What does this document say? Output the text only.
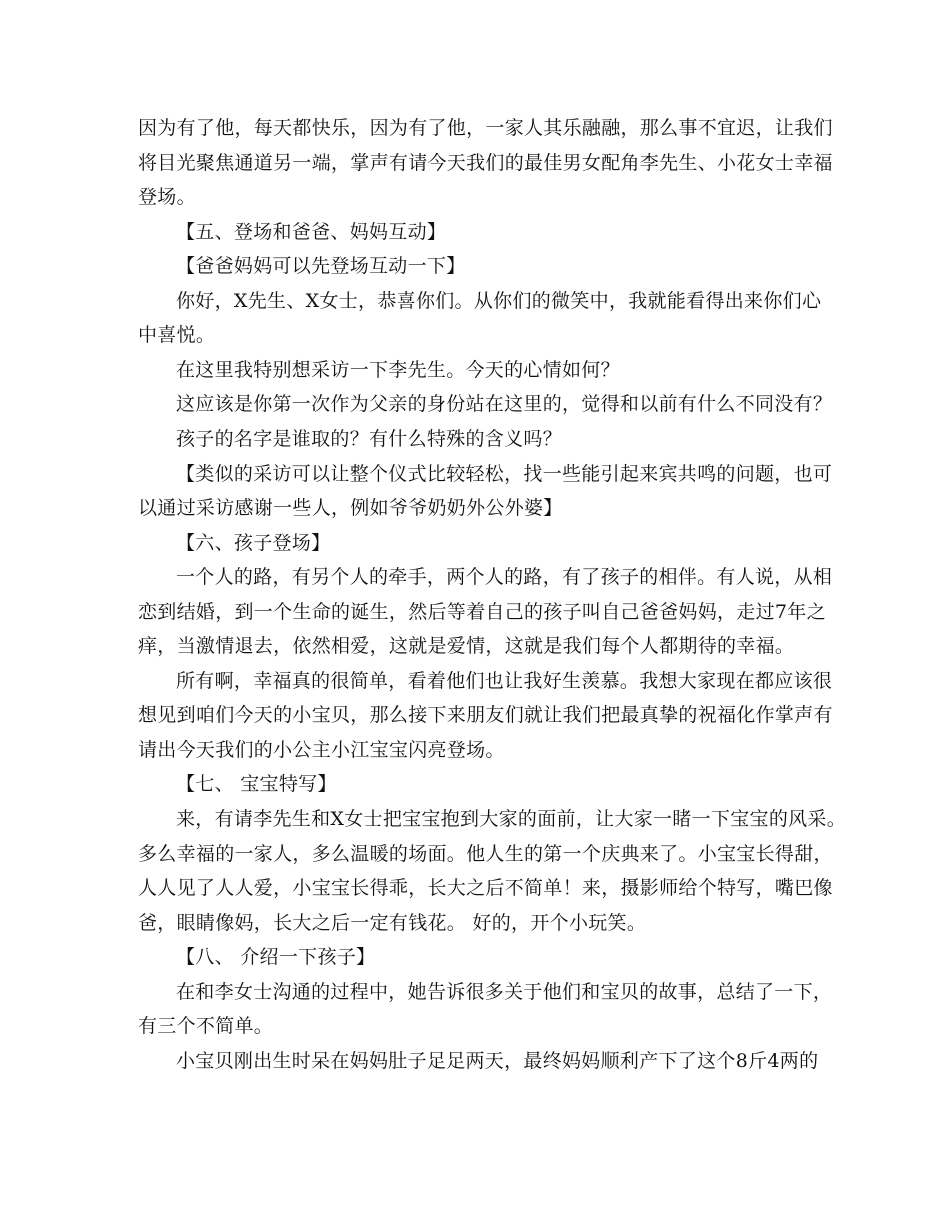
因为有了他，每天都快乐，因为有了他，一家人其乐融融，那么事不宜迟，让我们
将目光聚焦通道另一端，掌声有请今天我们的最佳男女配角李先生、小花女士幸福
登场。
【五、登场和爸爸、妈妈互动】
【爸爸妈妈可以先登场互动一下】
你好，X先生、X女士，恭喜你们。从你们的微笑中，我就能看得出来你们心
中喜悦。
在这里我特别想采访一下李先生。今天的心情如何？
这应该是你第一次作为父亲的身份站在这里的，觉得和以前有什么不同没有？
孩子的名字是谁取的？有什么特殊的含义吗？
【类似的采访可以让整个仪式比较轻松，找一些能引起来宾共鸣的问题，也可
以通过采访感谢一些人，例如爷爷奶奶外公外婆】
【六、孩子登场】
一个人的路，有另个人的牵手，两个人的路，有了孩子的相伴。有人说，从相
恋到结婚，到一个生命的诞生，然后等着自己的孩子叫自己爸爸妈妈，走过7年之
痒，当激情退去，依然相爱，这就是爱情，这就是我们每个人都期待的幸福。
所有啊，幸福真的很简单，看着他们也让我好生羡慕。我想大家现在都应该很
想见到咱们今天的小宝贝，那么接下来朋友们就让我们把最真挚的祝福化作掌声有
请出今天我们的小公主小江宝宝闪亮登场。
【七、 宝宝特写】
来，有请李先生和X女士把宝宝抱到大家的面前，让大家一睹一下宝宝的风采。
多么幸福的一家人，多么温暖的场面。他人生的第一个庆典来了。小宝宝长得甜，
人人见了人人爱，小宝宝长得乖，长大之后不简单！来，摄影师给个特写，嘴巴像
爸，眼睛像妈，长大之后一定有钱花。 好的，开个小玩笑。
【八、 介绍一下孩子】
在和李女士沟通的过程中，她告诉很多关于他们和宝贝的故事，总结了一下，
有三个不简单。
小宝贝刚出生时呆在妈妈肚子足足两天，最终妈妈顺利产下了这个8斤4两的
